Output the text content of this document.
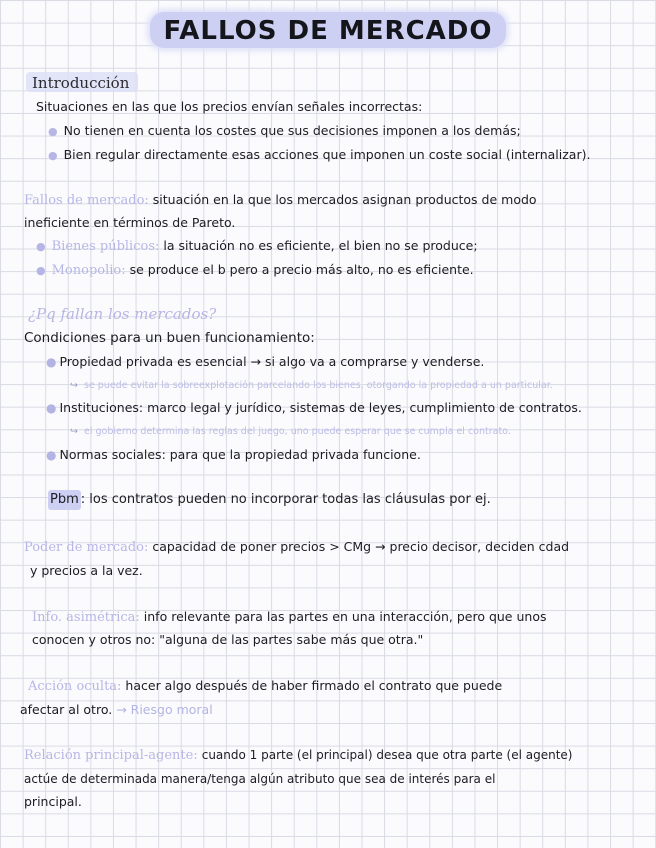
FALLOS DE MERCADO
Introducción
Situaciones en las que los precios envían señales incorrectas:
● No tienen en cuenta los costes que sus decisiones imponen a los demás;
● Bien regular directamente esas acciones que imponen un coste social (internalizar).
Fallos de mercado: situación en la que los mercados asignan productos de modo
ineficiente en términos de Pareto.
● Bienes públicos: la situación no es eficiente, el bien no se produce;
● Monopolio: se produce el b pero a precio más alto, no es eficiente.
¿Pq fallan los mercados?
Condiciones para un buen funcionamiento:
● Propiedad privada es esencial → si algo va a comprarse y venderse.
↪ se puede evitar la sobreexplotación parcelando los bienes, otorgando la propiedad a un particular.
● Instituciones: marco legal y jurídico, sistemas de leyes, cumplimiento de contratos.
↪ el gobierno determina las reglas del juego, uno puede esperar que se cumpla el contrato.
● Normas sociales: para que la propiedad privada funcione.
Pbm : los contratos pueden no incorporar todas las cláusulas por ej.
Poder de mercado: capacidad de poner precios > CMg → precio decisor, deciden cdad
y precios a la vez.
Info. asimétrica: info relevante para las partes en una interacción, pero que unos
conocen y otros no: "alguna de las partes sabe más que otra."
Acción oculta: hacer algo después de haber firmado el contrato que puede
afectar al otro. → Riesgo moral
Relación principal-agente: cuando 1 parte (el principal) desea que otra parte (el agente)
actúe de determinada manera/tenga algún atributo que sea de interés para el
principal.
